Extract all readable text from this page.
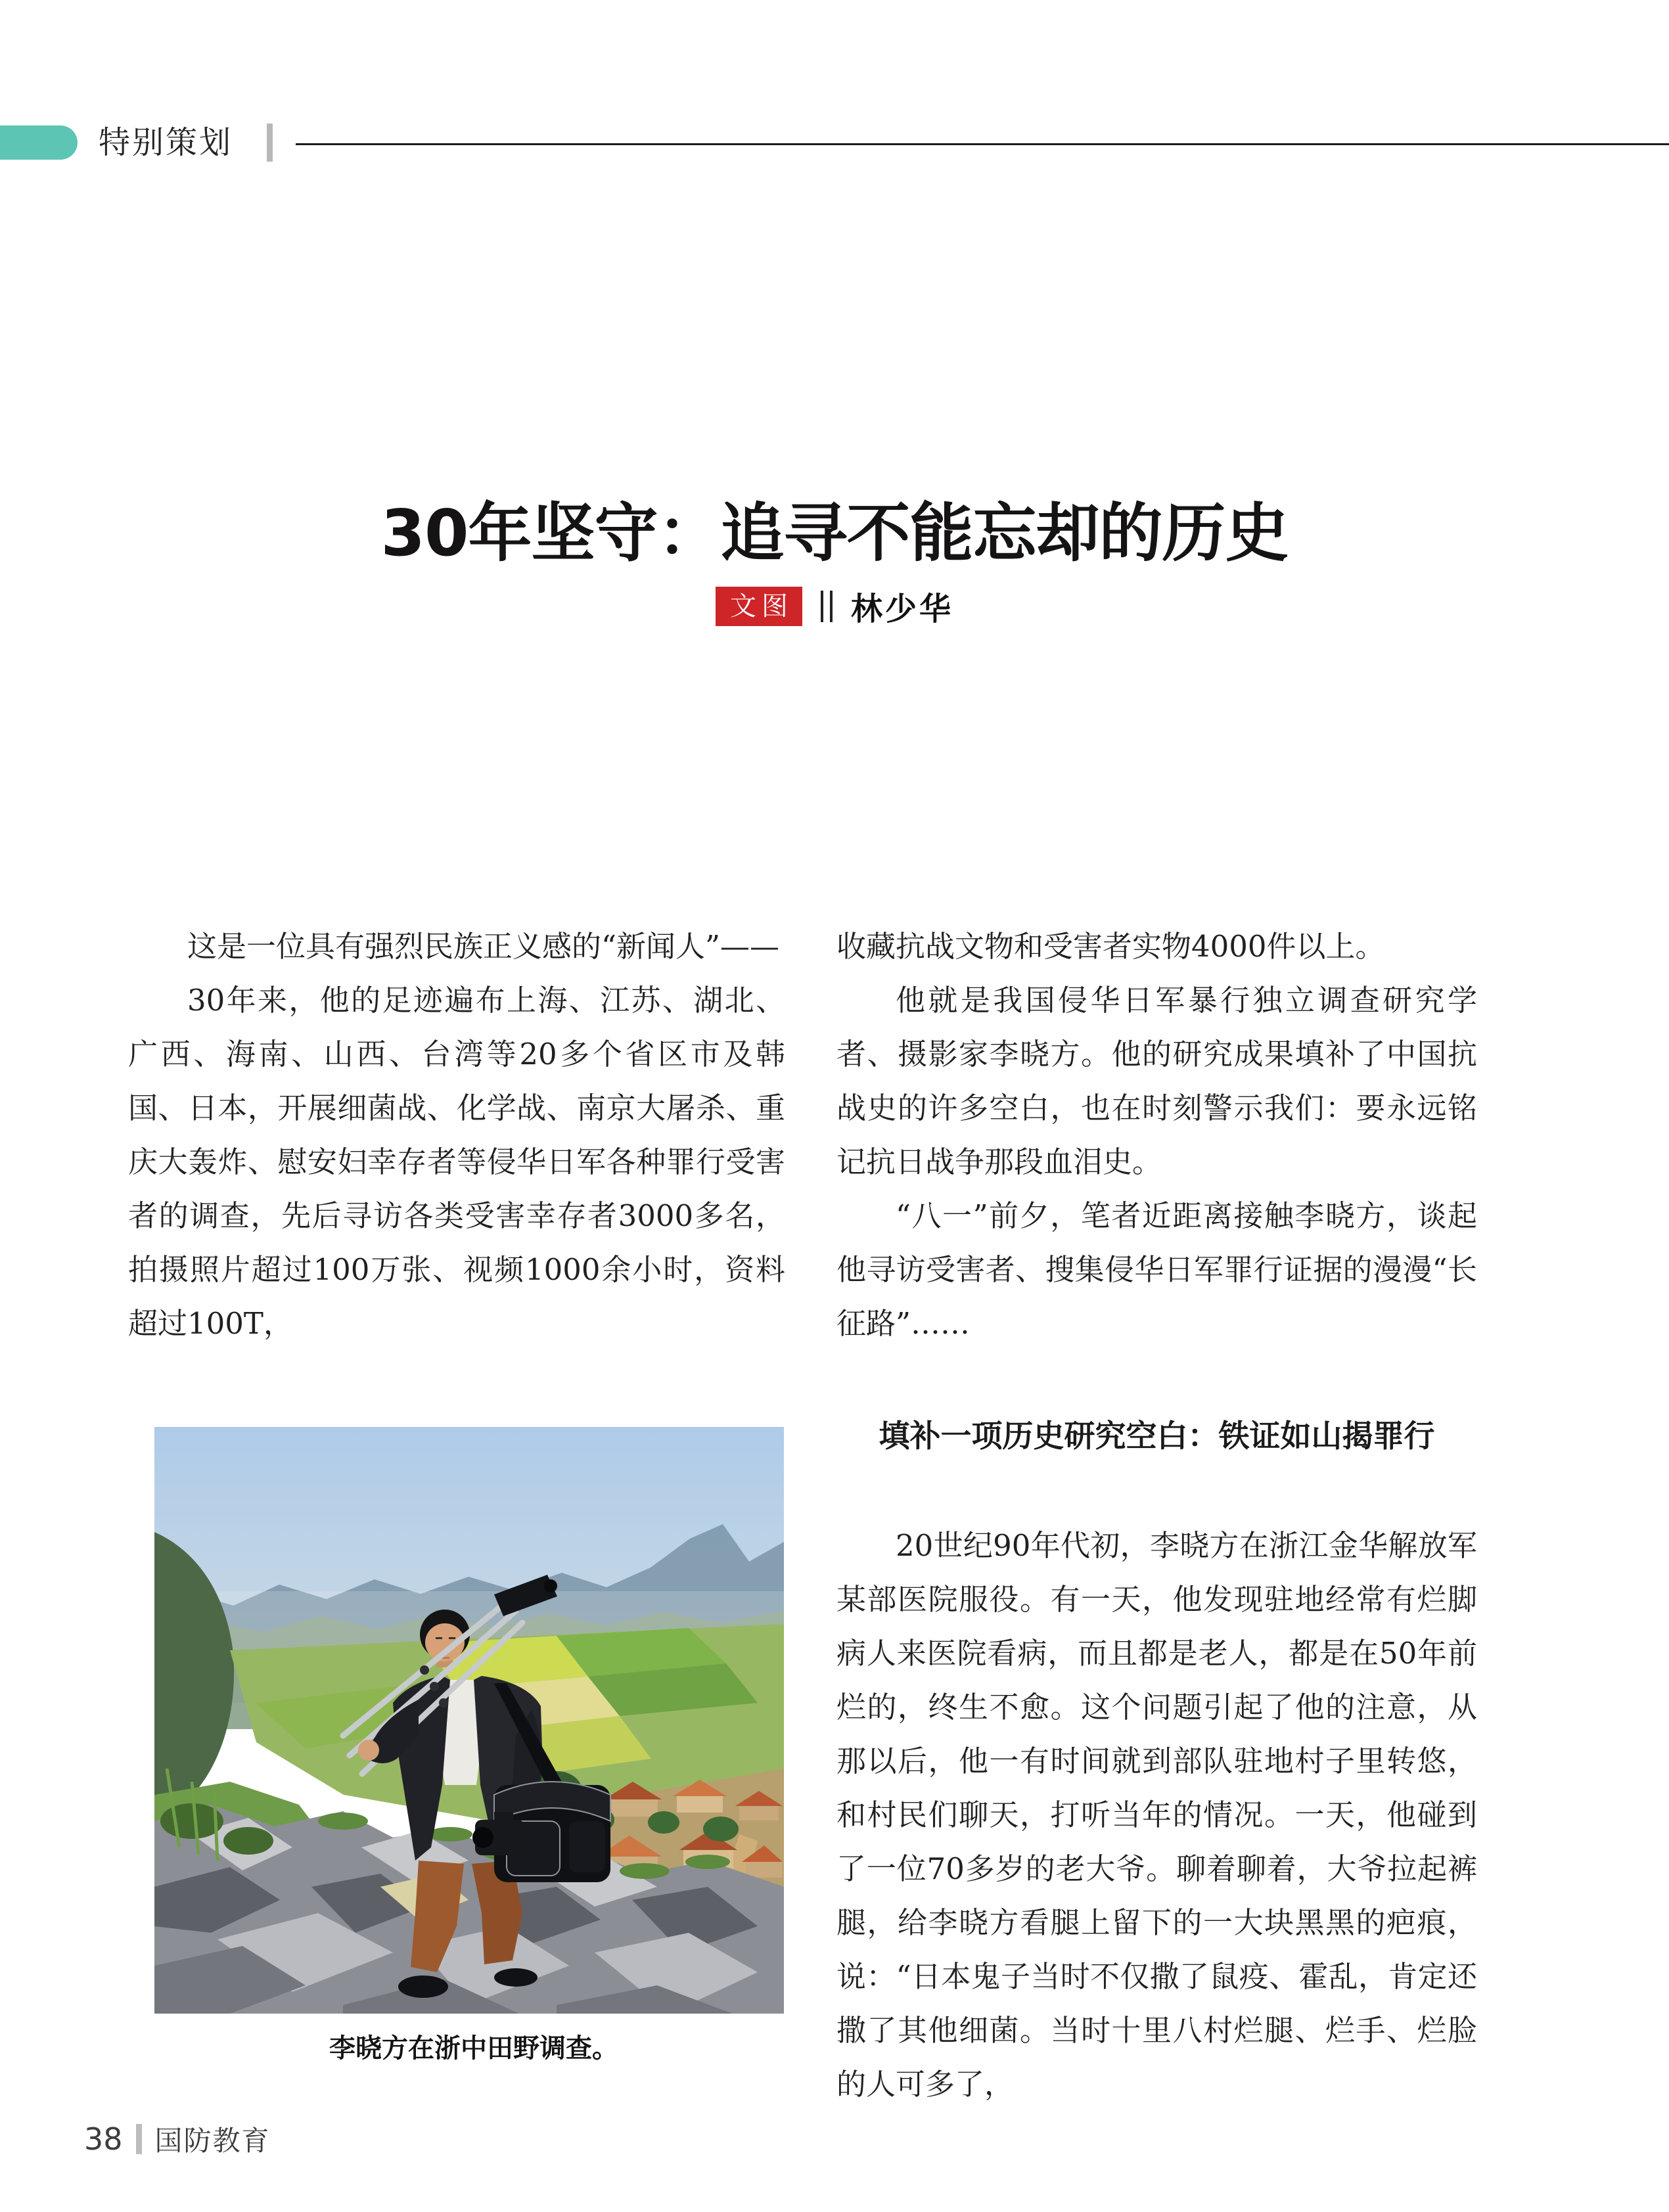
特别策划
30年坚守：追寻不能忘却的历史
文图 林少华

这是一位具有强烈民族正义感的“新闻人”——

30年来，他的足迹遍布上海、江苏、湖北、广西、海南、山西、台湾等20多个省区市及韩国、日本，开展细菌战、化学战、南京大屠杀、重庆大轰炸、慰安妇幸存者等侵华日军各种罪行受害者的调查，先后寻访各类受害幸存者3000多名，拍摄照片超过100万张、视频1000余小时，资料超过100T，

收藏抗战文物和受害者实物4000件以上。

他就是我国侵华日军暴行独立调查研究学者、摄影家李晓方。他的研究成果填补了中国抗战史的许多空白，也在时刻警示我们：要永远铭记抗日战争那段血泪史。

“八一”前夕，笔者近距离接触李晓方，谈起他寻访受害者、搜集侵华日军罪行证据的漫漫“长征路”……

填补一项历史研究空白：铁证如山揭罪行

20世纪90年代初，李晓方在浙江金华解放军某部医院服役。有一天，他发现驻地经常有烂脚病人来医院看病，而且都是老人，都是在50年前烂的，终生不愈。这个问题引起了他的注意，从那以后，他一有时间就到部队驻地村子里转悠，和村民们聊天，打听当年的情况。一天，他碰到了一位70多岁的老大爷。聊着聊着，大爷拉起裤腿，给李晓方看腿上留下的一大块黑黑的疤痕，说：“日本鬼子当时不仅撒了鼠疫、霍乱，肯定还撒了其他细菌。当时十里八村烂腿、烂手、烂脸的人可多了，

李晓方在浙中田野调查。
38 国防教育
